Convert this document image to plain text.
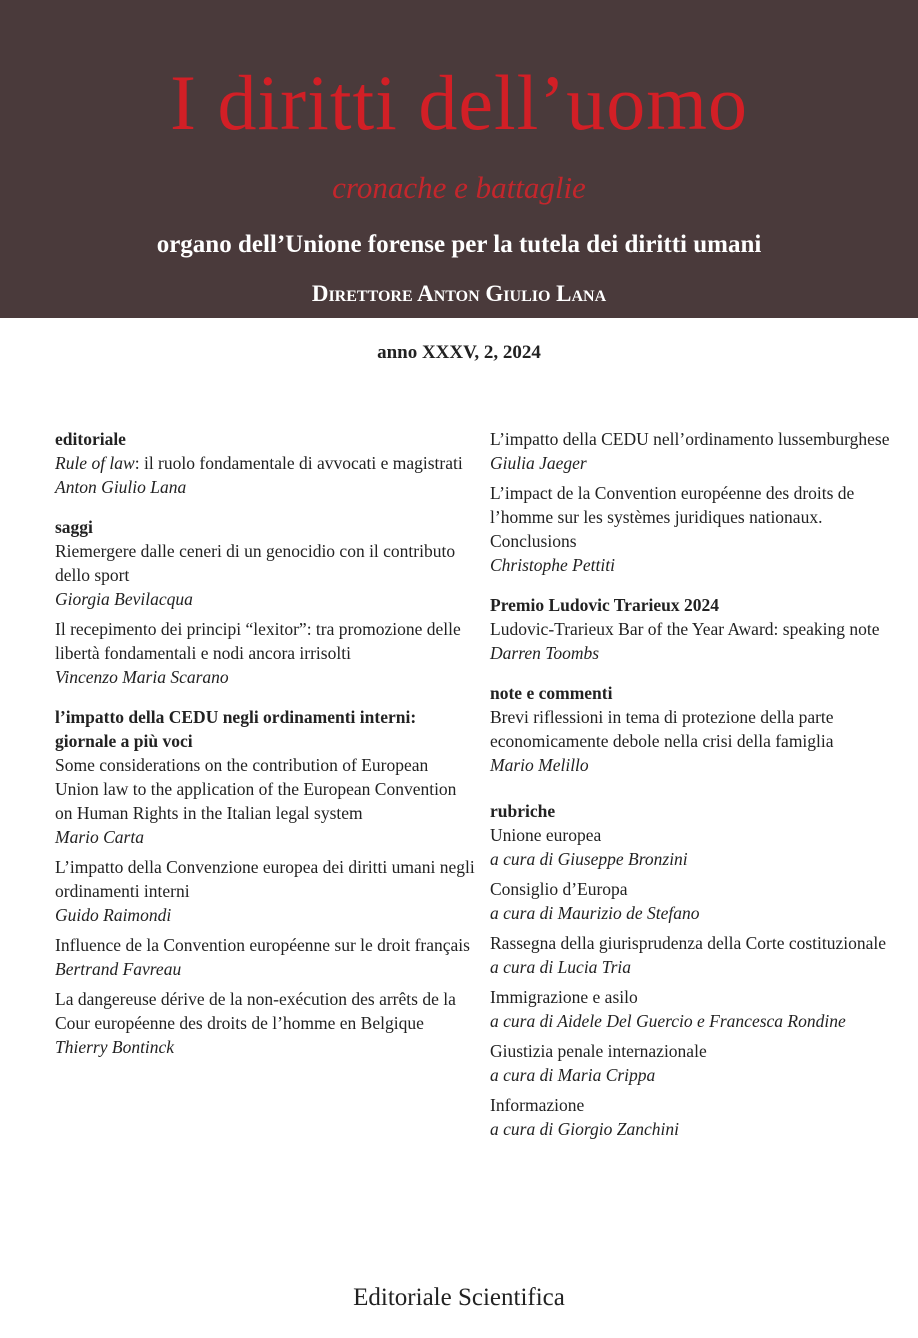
I diritti dell’uomo
cronache e battaglie
organo dell’Unione forense per la tutela dei diritti umani
Direttore Anton Giulio Lana
anno XXXV, 2, 2024
editoriale
Rule of law: il ruolo fondamentale di avvocati e magistrati
Anton Giulio Lana
saggi
Riemergere dalle ceneri di un genocidio con il contributo dello sport
Giorgia Bevilacqua
Il recepimento dei principi “lexitor”: tra promozione delle libertà fondamentali e nodi ancora irrisolti
Vincenzo Maria Scarano
l’impatto della CEDU negli ordinamenti interni: giornale a più voci
Some considerations on the contribution of European Union law to the application of the European Convention on Human Rights in the Italian legal system
Mario Carta
L’impatto della Convenzione europea dei diritti umani negli ordinamenti interni
Guido Raimondi
Influence de la Convention européenne sur le droit français
Bertrand Favreau
La dangereuse dérive de la non-exécution des arrêts de la Cour européenne des droits de l’homme en Belgique
Thierry Bontinck
L’impatto della CEDU nell’ordinamento lussemburghese
Giulia Jaeger
L’impact de la Convention européenne des droits de l’homme sur les systèmes juridiques nationaux. Conclusions
Christophe Pettiti
Premio Ludovic Trarieux 2024
Ludovic-Trarieux Bar of the Year Award: speaking note
Darren Toombs
note e commenti
Brevi riflessioni in tema di protezione della parte economicamente debole nella crisi della famiglia
Mario Melillo
rubriche
Unione europea
a cura di Giuseppe Bronzini
Consiglio d’Europa
a cura di Maurizio de Stefano
Rassegna della giurisprudenza della Corte costituzionale
a cura di Lucia Tria
Immigrazione e asilo
a cura di Aidele Del Guercio e Francesca Rondine
Giustizia penale internazionale
a cura di Maria Crippa
Informazione
a cura di Giorgio Zanchini
Editoriale Scientifica
